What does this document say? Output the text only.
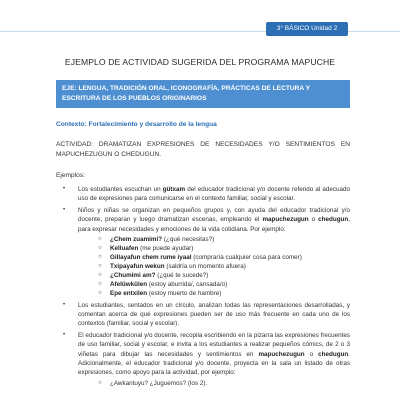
3° BÁSICO Unidad 2
EJEMPLO DE ACTIVIDAD SUGERIDA DEL PROGRAMA MAPUCHE
EJE: LENGUA, TRADICIÓN ORAL, ICONOGRAFÍA, PRÁCTICAS DE LECTURA Y ESCRITURA DE LOS PUEBLOS ORIGINARIOS
Contexto: Fortalecimiento y desarrollo de la lengua
ACTIVIDAD: DRAMATIZAN EXPRESIONES DE NECESIDADES Y/O SENTIMIENTOS EN MAPUCHEZUGUN O CHEDUGUN.
Ejemplos:
• Los estudiantes escuchan un gütxam del educador tradicional y/o docente referido al adecuado uso de expresiones para comunicarse en el contexto familiar, social y escolar.
• Niños y niñas se organizan en pequeños grupos y, con ayuda del educador tradicional y/o docente, preparan y luego dramatizan escenas, empleando el mapuchezugun o chedugun, para expresar necesidades y emociones de la vida cotidiana. Por ejemplo:
○ ¿Chem zuamimi? (¿qué necesitas?)
○ Kelluafen (me puede ayudar)
○ Gillayafun chem rume iyaal (compraría cualquier cosa para comer)
○ Txipayafun wekun (saldría un momento afuera)
○ ¿Chumimi am? (¿qué te sucede?)
○ Afelüwkülen (estoy aburrida/, cansada/o)
○ Epe entxilen (estoy muerto de hambre)
• Los estudiantes, sentados en un círculo, analizan todas las representaciones desarrolladas, y comentan acerca de qué expresiones pueden ser de uso más frecuente en cada uno de los contextos (familiar, social y escolar).
• El educador tradicional y/o docente, recopila escribiendo en la pizarra las expresiones frecuentes de uso familiar, social y escolar, e invita a los estudiantes a realizar pequeños cómics, de 2 o 3 viñetas para dibujar las necesidades y sentimientos en mapuchezugun o chedugun. Adicionalmente, el educador tradicional y/o docente, proyecta en la sala un listado de otras expresiones, como apoyo para la actividad, por ejemplo:
○ ¿Awkantuyu? ¿Juguemos? (los 2).
